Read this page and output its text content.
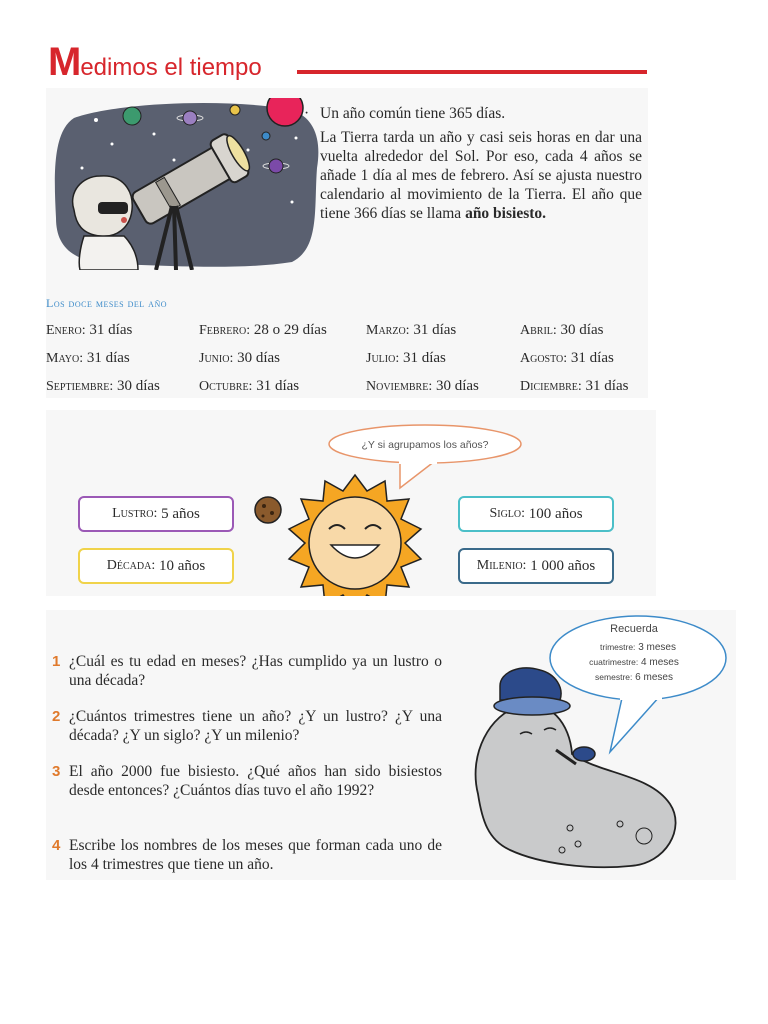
Medimos el tiempo

· Un año común tiene 365 días.

La Tierra tarda un año y casi seis horas en dar una vuelta alrededor del Sol. Por eso, cada 4 años se añade 1 día al mes de febrero. Así se ajusta nuestro calendario al movimiento de la Tierra. El año que tiene 366 días se llama año bisiesto.

Los doce meses del año
Enero: 31 días	Febrero: 28 o 29 días	Marzo: 31 días	Abril: 30 días
Mayo: 31 días	Junio: 30 días	Julio: 31 días	Agosto: 31 días
Septiembre: 30 días	Octubre: 31 días	Noviembre: 30 días	Diciembre: 31 días
¿Y si agrupamos los años?
Lustro:
5 años
Década:
10 años
Siglo:
100 años
Milenio:
1 000 años
1 ¿Cuál es tu edad en meses? ¿Has cumplido ya un lustro o una década?
2 ¿Cuántos trimestres tiene un año? ¿Y un lustro? ¿Y una década? ¿Y un siglo? ¿Y un milenio?
3 El año 2000 fue bisiesto. ¿Qué años han sido bisiestos desde entonces? ¿Cuántos días tuvo el año 1992?
4 Escribe los nombres de los meses que forman cada uno de los 4 trimestres que tiene un año.
Recuerda
trimestre: 3 meses
cuatrimestre: 4 meses
semestre: 6 meses
